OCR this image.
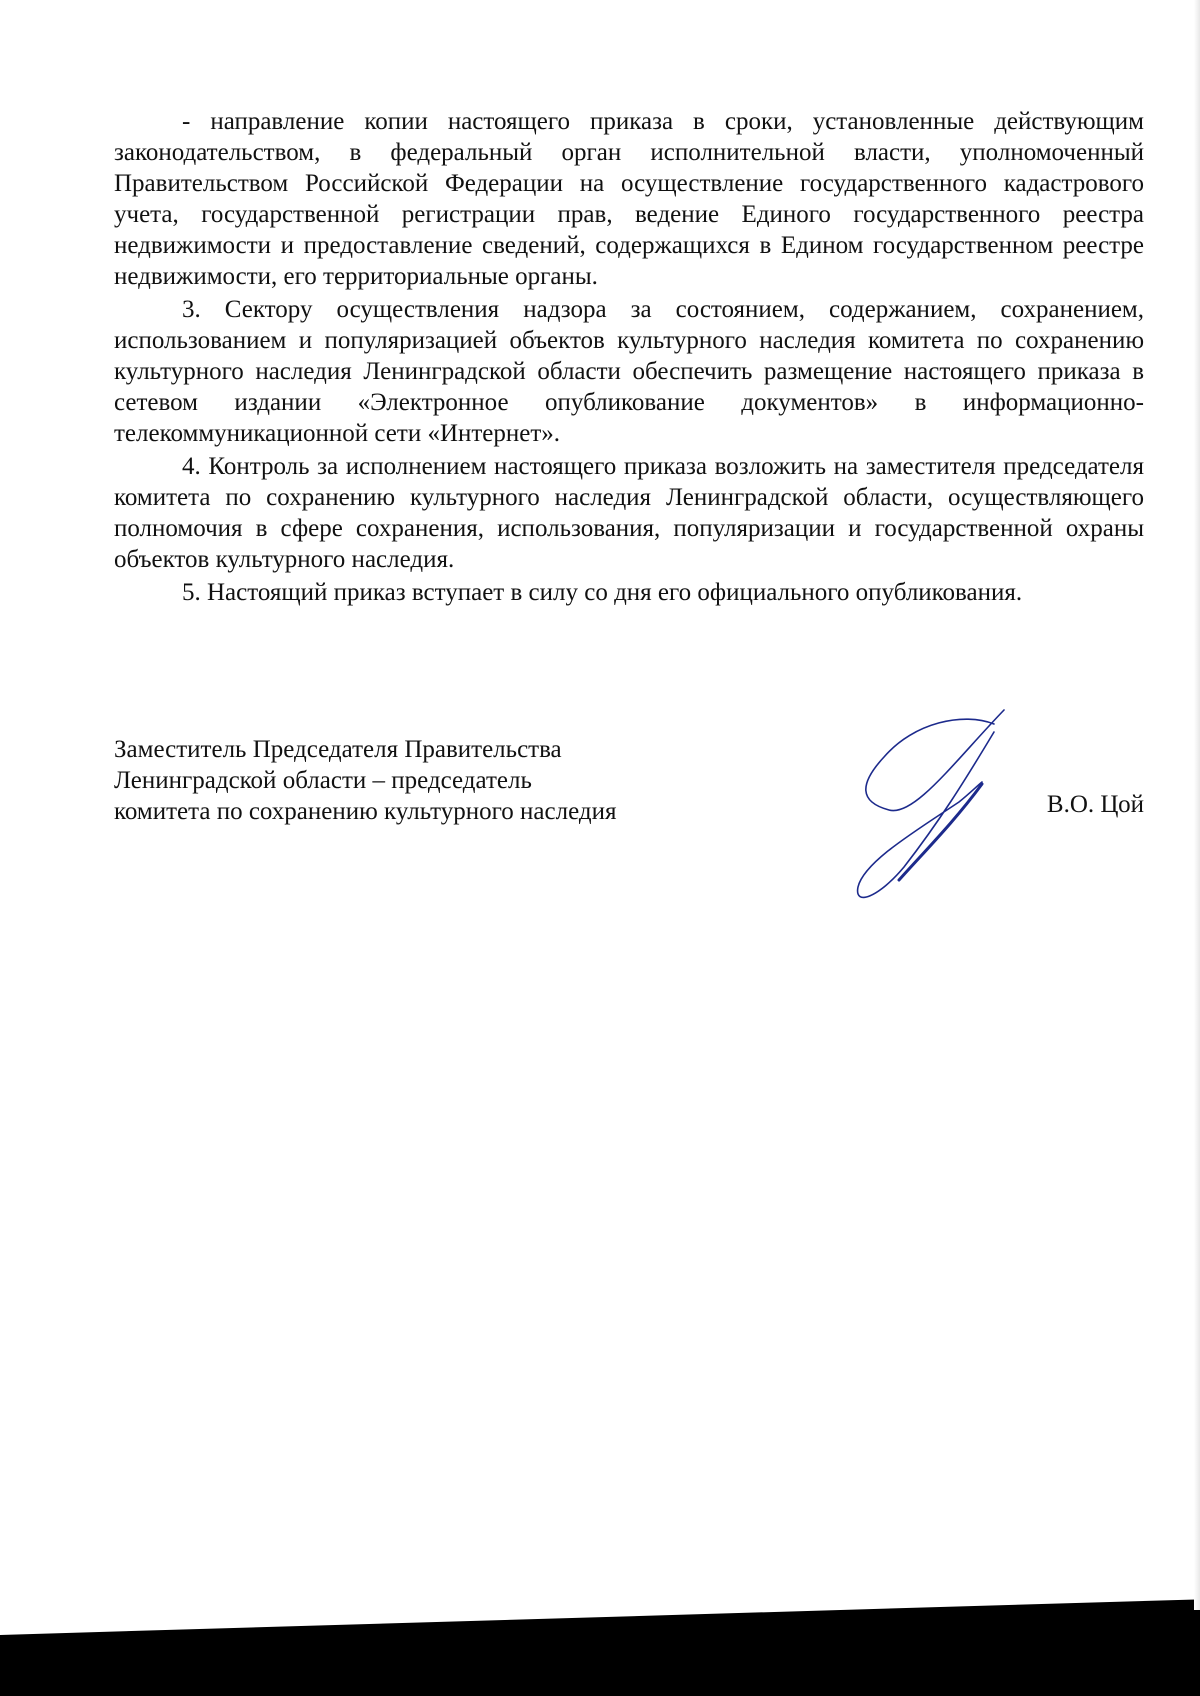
- направление копии настоящего приказа в сроки, установленные действующим законодательством, в федеральный орган исполнительной власти, уполномоченный Правительством Российской Федерации на осуществление государственного кадастрового учета, государственной регистрации прав, ведение Единого государственного реестра недвижимости и предоставление сведений, содержащихся в Едином государственном реестре недвижимости, его территориальные органы.

3. Сектору осуществления надзора за состоянием, содержанием, сохранением, использованием и популяризацией объектов культурного наследия комитета по сохранению культурного наследия Ленинградской области обеспечить размещение настоящего приказа в сетевом издании «Электронное опубликование документов» в информационно-телекоммуникационной сети «Интернет».

4. Контроль за исполнением настоящего приказа возложить на заместителя председателя комитета по сохранению культурного наследия Ленинградской области, осуществляющего полномочия в сфере сохранения, использования, популяризации и государственной охраны объектов культурного наследия.

5. Настоящий приказ вступает в силу со дня его официального опубликования.

Заместитель Председателя Правительства
Ленинградской области – председатель
комитета по сохранению культурного наследия	В.О. Цой
